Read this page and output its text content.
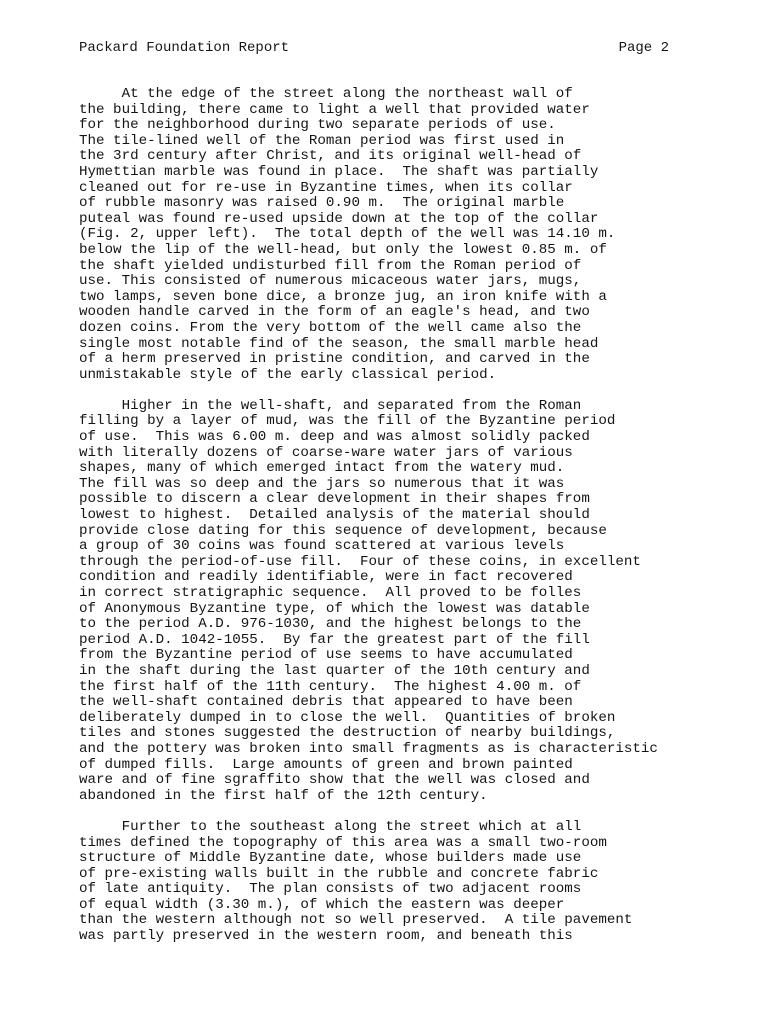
Packard Foundation Report	Page 2
At the edge of the street along the northeast wall of
the building, there came to light a well that provided water
for the neighborhood during two separate periods of use.
The tile-lined well of the Roman period was first used in
the 3rd century after Christ, and its original well-head of
Hymettian marble was found in place.  The shaft was partially
cleaned out for re-use in Byzantine times, when its collar
of rubble masonry was raised 0.90 m.  The original marble
puteal was found re-used upside down at the top of the collar
(Fig. 2, upper left).  The total depth of the well was 14.10 m.
below the lip of the well-head, but only the lowest 0.85 m. of
the shaft yielded undisturbed fill from the Roman period of
use. This consisted of numerous micaceous water jars, mugs,
two lamps, seven bone dice, a bronze jug, an iron knife with a
wooden handle carved in the form of an eagle's head, and two
dozen coins. From the very bottom of the well came also the
single most notable find of the season, the small marble head
of a herm preserved in pristine condition, and carved in the
unmistakable style of the early classical period.
Higher in the well-shaft, and separated from the Roman
filling by a layer of mud, was the fill of the Byzantine period
of use.  This was 6.00 m. deep and was almost solidly packed
with literally dozens of coarse-ware water jars of various
shapes, many of which emerged intact from the watery mud.
The fill was so deep and the jars so numerous that it was
possible to discern a clear development in their shapes from
lowest to highest.  Detailed analysis of the material should
provide close dating for this sequence of development, because
a group of 30 coins was found scattered at various levels
through the period-of-use fill.  Four of these coins, in excellent
condition and readily identifiable, were in fact recovered
in correct stratigraphic sequence.  All proved to be folles
of Anonymous Byzantine type, of which the lowest was datable
to the period A.D. 976-1030, and the highest belongs to the
period A.D. 1042-1055.  By far the greatest part of the fill
from the Byzantine period of use seems to have accumulated
in the shaft during the last quarter of the 10th century and
the first half of the 11th century.  The highest 4.00 m. of
the well-shaft contained debris that appeared to have been
deliberately dumped in to close the well.  Quantities of broken
tiles and stones suggested the destruction of nearby buildings,
and the pottery was broken into small fragments as is characteristic
of dumped fills.  Large amounts of green and brown painted
ware and of fine sgraffito show that the well was closed and
abandoned in the first half of the 12th century.
Further to the southeast along the street which at all
times defined the topography of this area was a small two-room
structure of Middle Byzantine date, whose builders made use
of pre-existing walls built in the rubble and concrete fabric
of late antiquity.  The plan consists of two adjacent rooms
of equal width (3.30 m.), of which the eastern was deeper
than the western although not so well preserved.  A tile pavement
was partly preserved in the western room, and beneath this
